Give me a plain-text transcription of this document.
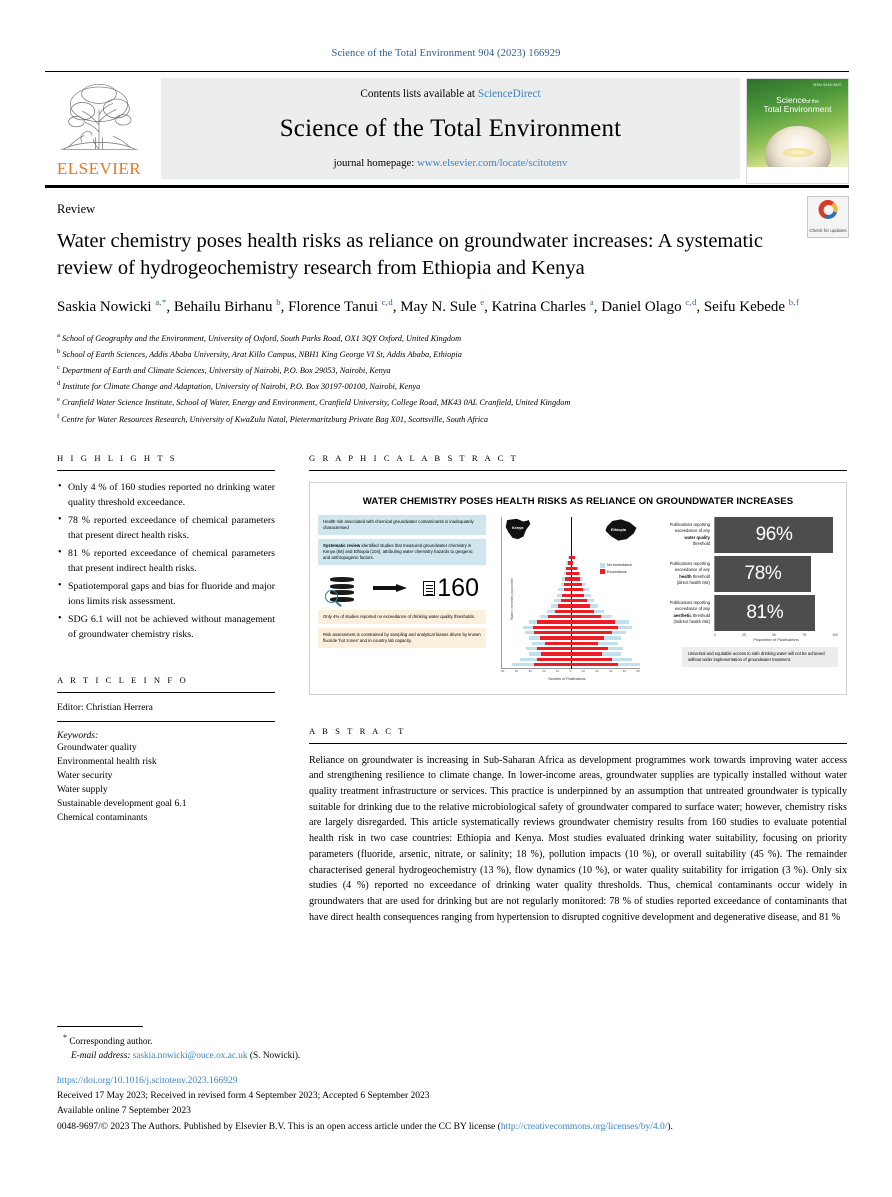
Science of the Total Environment 904 (2023) 166929
ELSEVIER
Contents lists available at ScienceDirect
Science of the Total Environment
journal homepage: www.elsevier.com/locate/scitotenv
ISSN 0048-9697
Scienceof the
Total Environment
Review
Water chemistry poses health risks as reliance on groundwater increases: A systematic review of hydrogeochemistry research from Ethiopia and Kenya
Check for updates
Saskia Nowicki $^{a, *}$, Behailu Birhanu $^b$, Florence Tanui $^{c, d}$, May N. Sule $^e$, Katrina Charles $^a$, Daniel Olago $^{c, d}$, Seifu Kebede $^{b, f}$
$^a$ School of Geography and the Environment, University of Oxford, South Parks Road, OX1 3QY Oxford, United Kingdom
$^b$ School of Earth Sciences, Addis Ababa University, Arat Killo Campus, NBH1 King George VI St, Addis Ababa, Ethiopia
$^c$ Department of Earth and Climate Sciences, University of Nairobi, P.O. Box 29053, Nairobi, Kenya
$^d$ Institute for Climate Change and Adaptation, University of Nairobi, P.O. Box 30197-00100, Nairobi, Kenya
$^e$ Cranfield Water Science Institute, School of Water, Energy and Environment, Cranfield University, College Road, MK43 0AL Cranfield, United Kingdom
$^f$ Centre for Water Resources Research, University of KwaZulu Natal, Pietermaritzburg Private Bag X01, Scottsville, South Africa
H I G H L I G H T S
• Only 4 % of 160 studies reported no drinking water quality threshold exceedance.
• 78 % reported exceedance of chemical parameters that present direct health risks.
• 81 % reported exceedance of chemical parameters that present indirect health risks.
• Spatiotemporal gaps and bias for fluoride and major ions limits risk assessment.
• SDG 6.1 will not be achieved without management of groundwater chemistry risks.
A R T I C L E I N F O
Editor: Christian Herrera
Keywords:
Groundwater quality
Environmental health risk
Water security
Water supply
Sustainable development goal 6.1
Chemical contaminants
G R A P H I C A L A B S T R A C T
WATER CHEMISTRY POSES HEALTH RISKS AS RELIANCE ON GROUNDWATER INCREASES
Health risk associated with chemical groundwater contaminants is inadequately characterised
Systematic review identified studies that measured groundwater chemistry in Kenya (56) and Ethiopia (104), attributing water chemistry hazards to geogenic and anthropogenic factors.
160
Only 4% of studies reported no exceedance of drinking water quality thresholds.
Risk assessment is constrained by sampling and analytical biases driven by known fluoride 'hot zones' and in-country lab capacity.
Water chemistry parameter
Kenya	Ethiopia
No exceedance
Exceedance
50	40	30	20	10	0	10	20	30	40	50
Number of Publications
Publications reporting
exceedance of any
water quality
threshold 96%
Publications reporting
exceedance of any
health threshold
(direct health risk) 78%
Publications reporting
exceedance of any
aesthetic threshold
(indirect health risk) 81%
0	25	50	75	100
Proportion of Publications
Universal and equitable access to safe drinking water will not be achieved without wider implementation of groundwater treatment.
A B S T R A C T
Reliance on groundwater is increasing in Sub-Saharan Africa as development programmes work towards improving water access and strengthening resilience to climate change. In lower-income areas, groundwater supplies are typically installed without water quality treatment infrastructure or services. This practice is underpinned by an assumption that untreated groundwater is typically suitable for drinking due to the relative microbiological safety of groundwater compared to surface water; however, chemistry risks are largely disregarded. This article systematically reviews groundwater chemistry results from 160 studies to evaluate potential health risk in two case countries: Ethiopia and Kenya. Most studies evaluated drinking water suitability, focusing on priority parameters (fluoride, arsenic, nitrate, or salinity; 18 %), pollution impacts (10 %), or overall suitability (45 %). The remainder characterised general hydrogeochemistry (13 %), flow dynamics (10 %), or water quality suitability for irrigation (3 %). Only six studies (4 %) reported no exceedance of drinking water quality thresholds. Thus, chemical contaminants occur widely in groundwaters that are used for drinking but are not regularly monitored: 78 % of studies reported exceedance of contaminants that have direct health consequences ranging from hypertension to disrupted cognitive development and degenerative disease, and 81 %
* Corresponding author.
E-mail address: saskia.nowicki@ouce.ox.ac.uk (S. Nowicki).
https://doi.org/10.1016/j.scitotenv.2023.166929
Received 17 May 2023; Received in revised form 4 September 2023; Accepted 6 September 2023
Available online 7 September 2023
0048-9697/© 2023 The Authors. Published by Elsevier B.V. This is an open access article under the CC BY license (http://creativecommons.org/licenses/by/4.0/).
